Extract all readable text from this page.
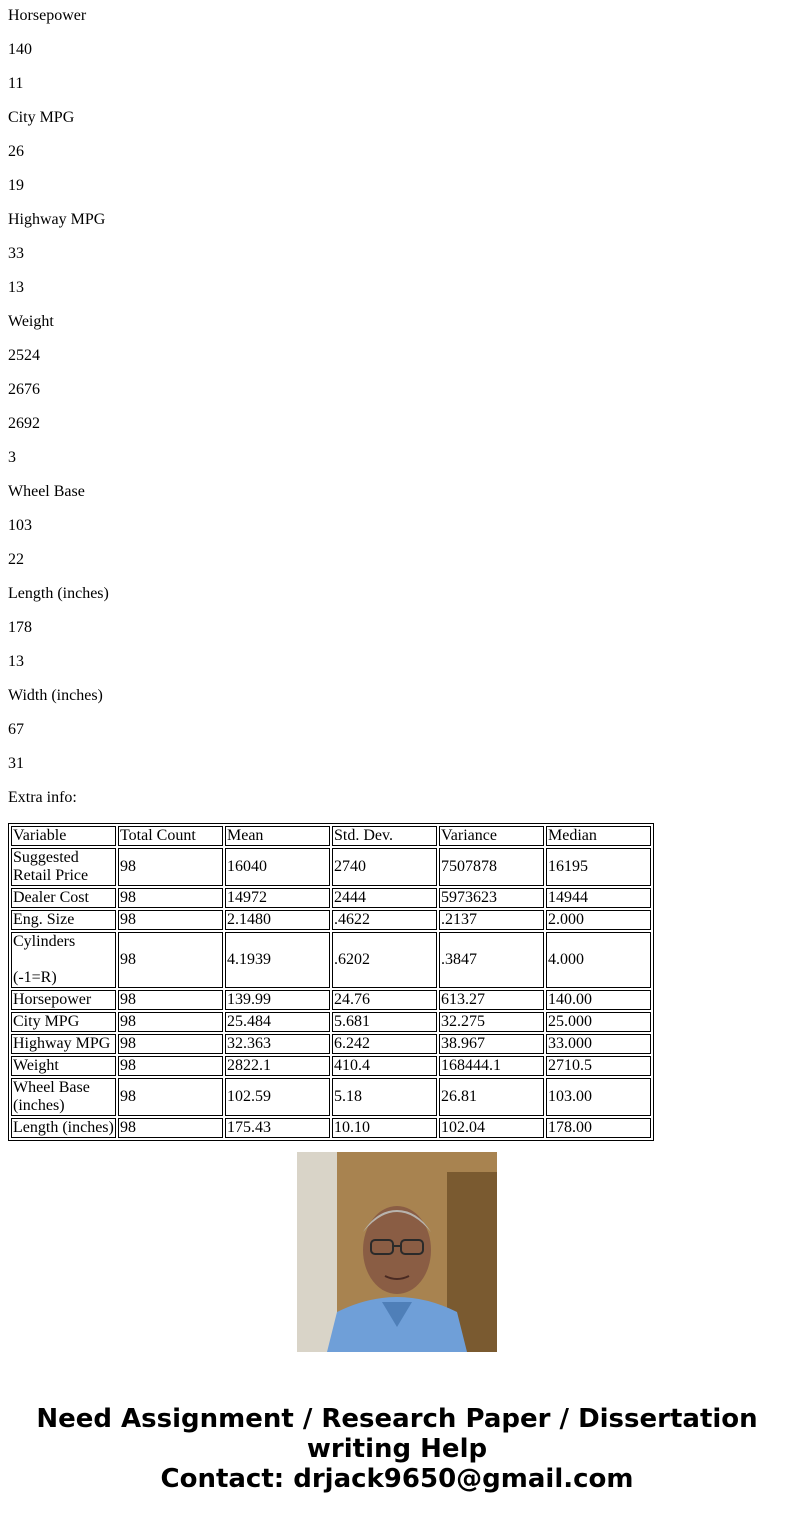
Horsepower

140

11

City MPG

26

19

Highway MPG

33

13

Weight

2524

2676

2692

3

Wheel Base

103

22

Length (inches)

178

13

Width (inches)

67

31

Extra info:

Variable	Total Count	Mean	Std. Dev.	Variance	Median
Suggested
Retail Price	98	16040	2740	7507878	16195
Dealer Cost	98	14972	2444	5973623	14944
Eng. Size	98	2.1480	.4622	.2137	2.000
Cylinders

(-1=R)	98	4.1939	.6202	.3847	4.000
Horsepower	98	139.99	24.76	613.27	140.00
City MPG	98	25.484	5.681	32.275	25.000
Highway MPG	98	32.363	6.242	38.967	33.000
Weight	98	2822.1	410.4	168444.1	2710.5
Wheel Base
(inches)	98	102.59	5.18	26.81	103.00
Length (inches)	98	175.43	10.10	102.04	178.00
Need Assignment / Research Paper / Dissertation
writing Help
Contact: drjack9650@gmail.com
